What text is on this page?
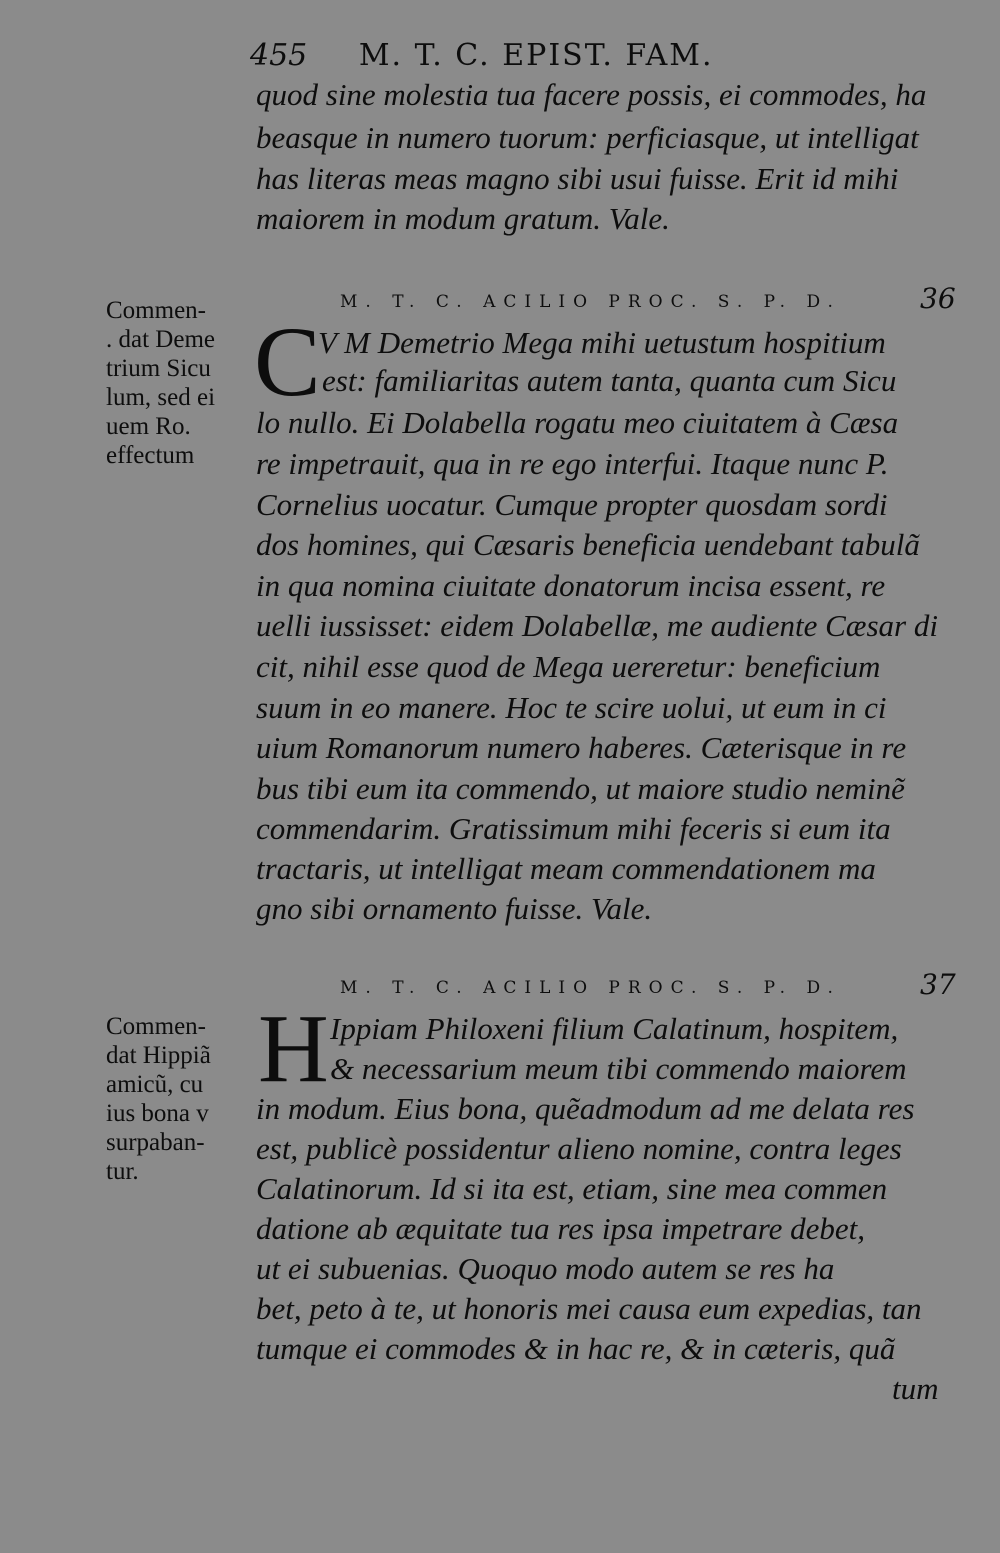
455 M. T. C. EPIST. FAM.
quod sine molestia tua facere possis, ei commodes, ha
beasque in numero tuorum: perficiasque, ut intelligat
has literas meas magno sibi usui fuisse. Erit id mihi
maiorem in modum gratum. Vale.
M. T. C. ACILIO PROC. S. P. D.	36
Commen-
. dat Deme
trium Sicu
lum, sed ei
uem Ro.
effectum
C
V M Demetrio Mega mihi uetustum hospitium
est: familiaritas autem tanta, quanta cum Sicu
lo nullo. Ei Dolabella rogatu meo ciuitatem à Cæsa
re impetrauit, qua in re ego interfui. Itaque nunc P.
Cornelius uocatur. Cumque propter quosdam sordi
dos homines, qui Cæsaris beneficia uendebant tabulã
in qua nomina ciuitate donatorum incisa essent, re
uelli iussisset: eidem Dolabellæ, me audiente Cæsar di
cit, nihil esse quod de Mega uereretur: beneficium
suum in eo manere. Hoc te scire uolui, ut eum in ci
uium Romanorum numero haberes. Cæterisque in re
bus tibi eum ita commendo, ut maiore studio neminẽ
commendarim. Gratissimum mihi feceris si eum ita
tractaris, ut intelligat meam commendationem ma
gno sibi ornamento fuisse. Vale.
M. T. C. ACILIO PROC. S. P. D.	37
Commen-
dat Hippiã
amicũ, cu
ius bona v
surpaban-
tur.
H Ippiam Philoxeni filium Calatinum, hospitem,
& necessarium meum tibi commendo maiorem
in modum. Eius bona, quẽadmodum ad me delata res
est, publicè possidentur alieno nomine, contra leges
Calatinorum. Id si ita est, etiam, sine mea commen
datione ab æquitate tua res ipsa impetrare debet,
ut ei subuenias. Quoquo modo autem se res ha
bet, peto à te, ut honoris mei causa eum expedias, tan
tumque ei commodes & in hac re, & in cæteris, quã
tum
